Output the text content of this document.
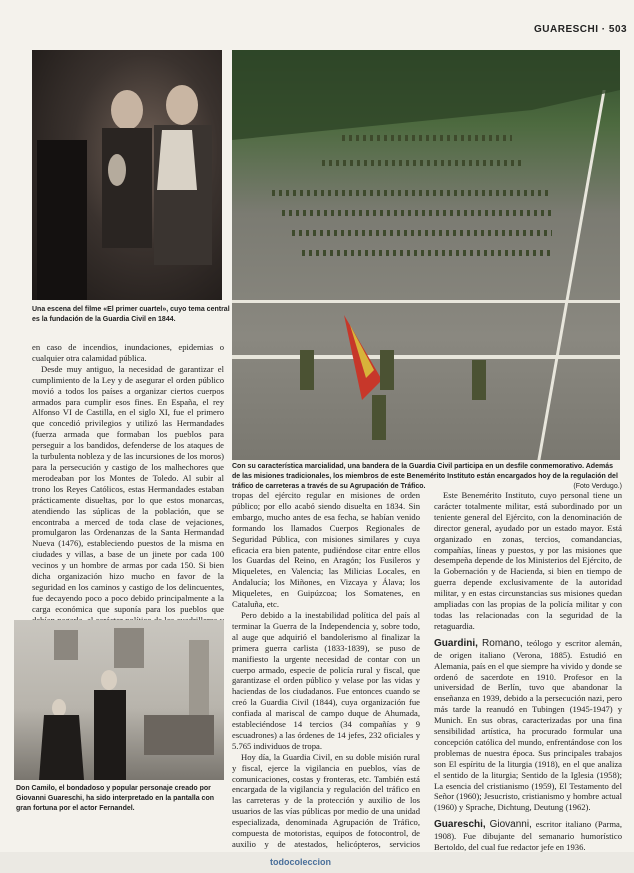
GUARESCHI · 503
Una escena del filme «El primer cuartel», cuyo tema central es la fundación de la Guardia Civil en 1844.
Con su característica marcialidad, una bandera de la Guardia Civil participa en un desfile conmemorativo. Además de las misiones tradicionales, los miembros de este Benemérito Instituto están encargados hoy de la regulación del tráfico de carreteras a través de su Agrupación de Tráfico.	(Foto Verdugo.)

en caso de incendios, inundaciones, epidemias o cualquier otra calamidad pública.

Desde muy antiguo, la necesidad de garantizar el cumplimiento de la Ley y de asegurar el orden público movió a todos los países a organizar ciertos cuerpos armados para cumplir esos fines. En España, el rey Alfonso VI de Castilla, en el siglo XI, fue el primero que concedió privilegios y utilizó las Hermandades (fuerza armada que formaban los pueblos para perseguir a los bandidos, defenderse de los ataques de la turbulenta nobleza y de las incursiones de los moros) para la persecución y castigo de los malhechores que merodeaban por los Montes de Toledo. Al subir al trono los Reyes Católicos, estas Hermandades estaban prácticamente disueltas, por lo que estos monarcas, atendiendo las súplicas de la población, que se encontraba a merced de toda clase de vejaciones, promulgaron las Ordenanzas de la Santa Hermandad Nueva (1476), estableciendo puestos de la misma en ciudades y villas, a base de un jinete por cada 100 vecinos y un hombre de armas por cada 150. Si bien dicha organización hizo mucho en favor de la seguridad en los caminos y castigo de los delincuentes, fue decayendo poco a poco debido principalmente a la carga económica que suponía para los pueblos que

Don Camilo, el bondadoso y popular personaje creado por Giovanni Guareschi, ha sido interpretado en la pantalla con gran fortuna por el actor Fernandel.

tropas del ejército regular en misiones de orden público; por ello acabó siendo disuelta en 1834. Sin embargo, mucho antes de esa fecha, se habían venido formando los llamados Cuerpos Regionales de Seguridad Pública, con misiones similares y cuya eficacia era bien patente, pudiéndose citar entre ellos los Guardas del Reino, en Aragón; los Fusileros y Miqueletes, en Valencia; las Milicias Locales, en Andalucía; los Miñones, en Vizcaya y Álava; los Miqueletes, en Guipúzcoa; los Somatenes, en Cataluña, etc.

Pero debido a la inestabilidad política del país al terminar la Guerra de la Independencia y, sobre todo, al auge que adquirió el bandolerismo al finalizar la primera guerra carlista (1833-1839), se puso de manifiesto la urgente necesidad de contar con un cuerpo armado, especie de policía rural y fiscal, que garantizase el orden público y velase por las vidas y haciendas de los ciudadanos. Fue entonces cuando se creó la Guardia Civil (1844), cuya organización fue confiada al mariscal de campo duque de Ahumada, estableciéndose 14 tercios (34 compañías y 9 escuadrones) a las órdenes de 14 jefes, 232 oficiales y 5.765 individuos de tropa.

Hoy día, la Guardia Civil, en su doble misión rural y fiscal, ejerce la vigilancia en pueblos, vías de comunicaciones, costas y fronteras, etc. También está encargada de la vigilancia y regulación del tráfico en las carreteras y de la protección y auxilio de los usuarios de las vías públicas por medio de una unidad especializada, denominada Agrupación de Tráfico, compuesta de motoristas, equipos de fotocontrol, de auxilio y de atestados, helicópteros, servicios

Este Benemérito Instituto, cuyo personal tiene un carácter totalmente militar, está subordinado por un teniente general del Ejército, con la denominación de director general, ayudado por un estado mayor. Está organizado en zonas, tercios, comandancias, compañías, líneas y puestos, y por las misiones que desempeña depende de los Ministerios del Ejército, de la Gobernación y de Hacienda, si bien en tiempo de guerra depende exclusivamente de la autoridad militar, y en estas circunstancias sus misiones quedan ampliadas con las propias de la policía militar y con todas las relacionadas con la seguridad de la retaguardia.

Guardini, Romano, teólogo y escritor alemán, de origen italiano (Verona, 1885). Estudió en Alemania, país en el que siempre ha vivido y donde se ordenó de sacerdote en 1910. Profesor en la universidad de Berlín, tuvo que abandonar la enseñanza en 1939, debido a la persecución nazi, pero más tarde la reanudó en Tubingen (1945-1947) y Munich. En sus obras, caracterizadas por una fina sensibilidad artística, ha procurado formular una concepción católica del mundo, enfrentándose con los problemas de nuestra época. Sus principales trabajos son El espíritu de la liturgia (1918), en el que analiza el sentido de la liturgia; Sentido de la Iglesia (1958); La esencia del cristianismo (1959), El Testamento del Señor (1960); Jesucristo, cristianismo y hombre actual (1960) y Sprache, Dichtung, Deutung (1962).

Guareschi, Giovanni, escritor italiano (Parma, 1908). Fue dibujante del semanario humorístico Bertoldo, del cual fue redactor jefe en 1936.

todocoleccion
